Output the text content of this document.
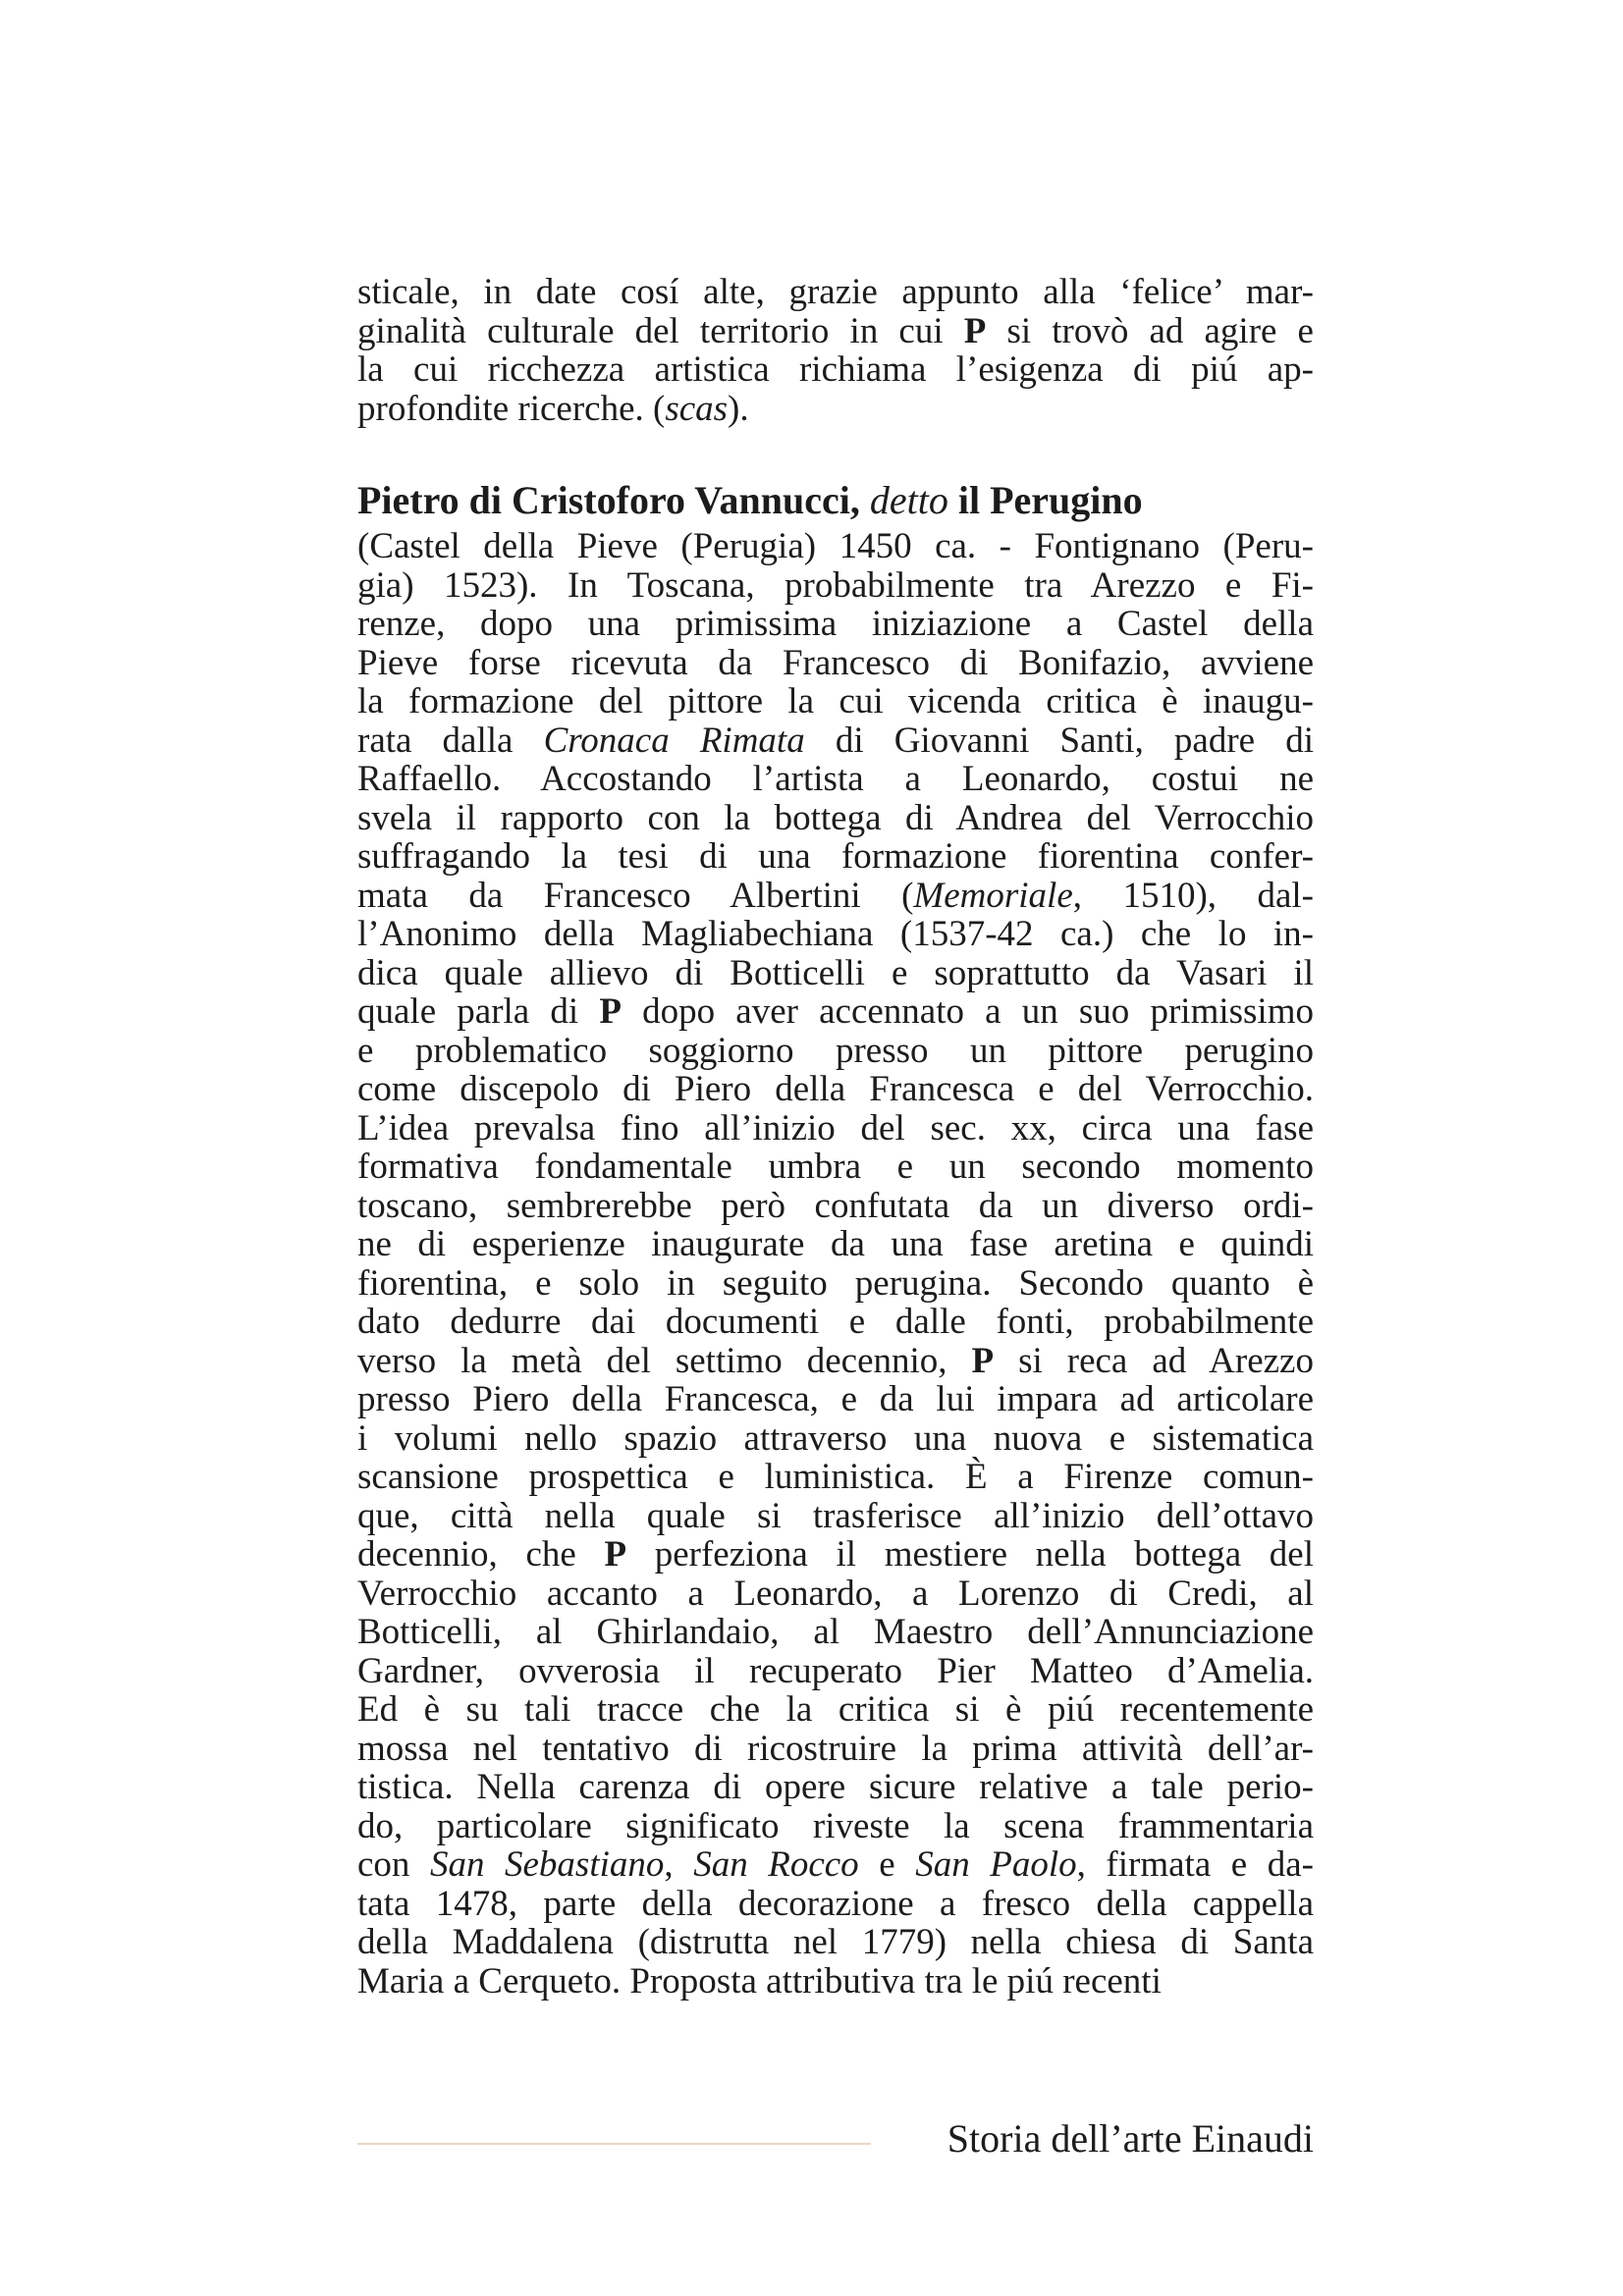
sticale, in date cosí alte, grazie appunto alla ‘felice’ mar-
ginalità culturale del territorio in cui P si trovò ad agire e
la cui ricchezza artistica richiama l’esigenza di piú ap-
profondite ricerche. (scas).
Pietro di Cristoforo Vannucci, detto il Perugino
(Castel della Pieve (Perugia) 1450 ca. - Fontignano (Peru-
gia) 1523). In Toscana, probabilmente tra Arezzo e Fi-
renze, dopo una primissima iniziazione a Castel della
Pieve forse ricevuta da Francesco di Bonifazio, avviene
la formazione del pittore la cui vicenda critica è inaugu-
rata dalla Cronaca Rimata di Giovanni Santi, padre di
Raffaello. Accostando l’artista a Leonardo, costui ne
svela il rapporto con la bottega di Andrea del Verrocchio
suffragando la tesi di una formazione fiorentina confer-
mata da Francesco Albertini (Memoriale, 1510), dal-
l’Anonimo della Magliabechiana (1537-42 ca.) che lo in-
dica quale allievo di Botticelli e soprattutto da Vasari il
quale parla di P dopo aver accennato a un suo primissimo
e problematico soggiorno presso un pittore perugino
come discepolo di Piero della Francesca e del Verrocchio.
L’idea prevalsa fino all’inizio del sec. xx, circa una fase
formativa fondamentale umbra e un secondo momento
toscano, sembrerebbe però confutata da un diverso ordi-
ne di esperienze inaugurate da una fase aretina e quindi
fiorentina, e solo in seguito perugina. Secondo quanto è
dato dedurre dai documenti e dalle fonti, probabilmente
verso la metà del settimo decennio, P si reca ad Arezzo
presso Piero della Francesca, e da lui impara ad articolare
i volumi nello spazio attraverso una nuova e sistematica
scansione prospettica e luministica. È a Firenze comun-
que, città nella quale si trasferisce all’inizio dell’ottavo
decennio, che P perfeziona il mestiere nella bottega del
Verrocchio accanto a Leonardo, a Lorenzo di Credi, al
Botticelli, al Ghirlandaio, al Maestro dell’Annunciazione
Gardner, ovverosia il recuperato Pier Matteo d’Amelia.
Ed è su tali tracce che la critica si è piú recentemente
mossa nel tentativo di ricostruire la prima attività dell’ar-
tistica. Nella carenza di opere sicure relative a tale perio-
do, particolare significato riveste la scena frammentaria
con San Sebastiano, San Rocco e San Paolo, firmata e da-
tata 1478, parte della decorazione a fresco della cappella
della Maddalena (distrutta nel 1779) nella chiesa di Santa
Maria a Cerqueto. Proposta attributiva tra le piú recenti
Storia dell’arte Einaudi
